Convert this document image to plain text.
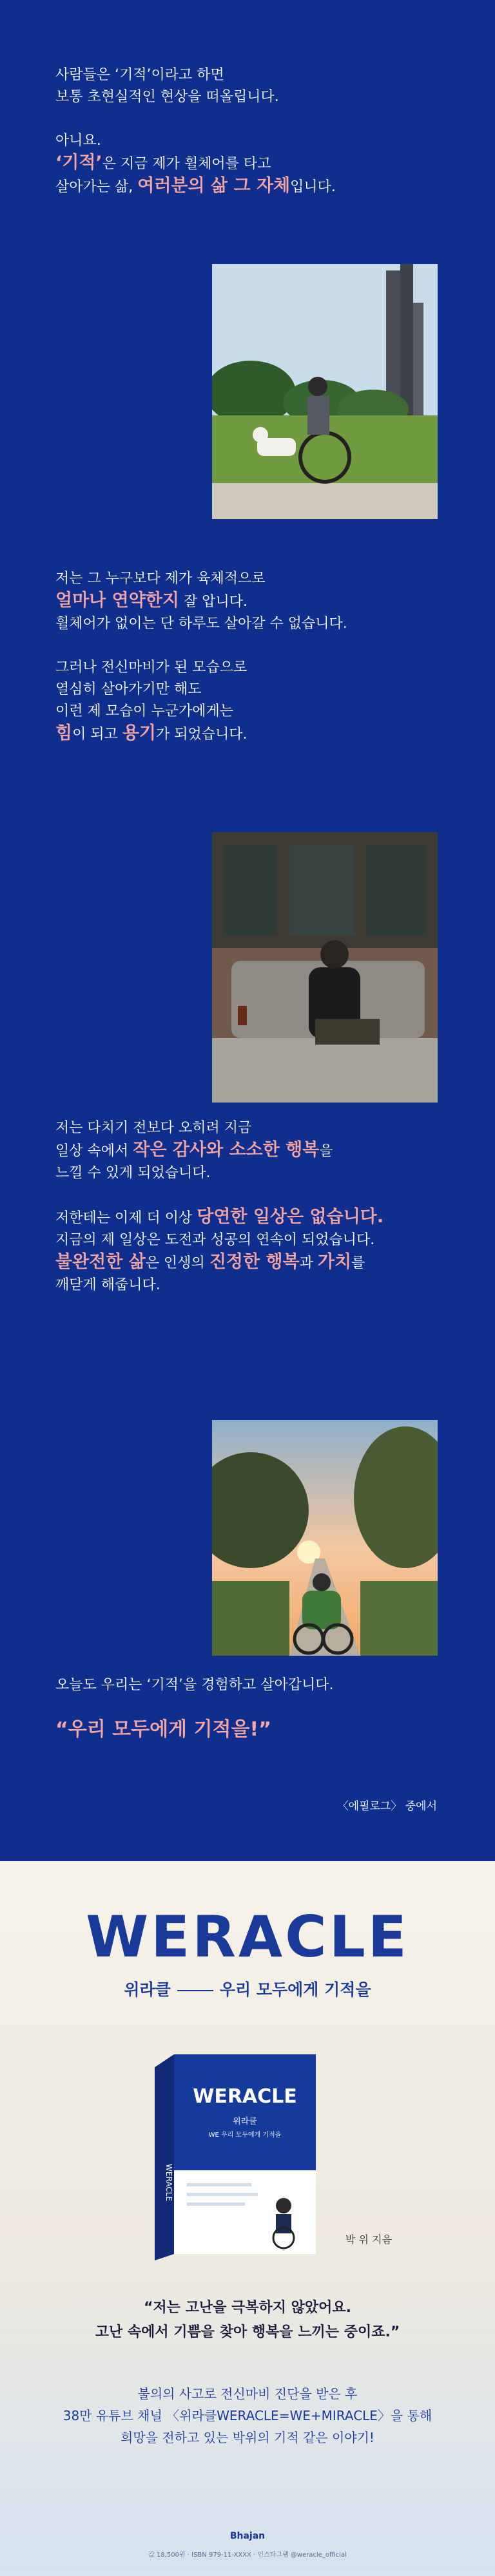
사람들은 ‘기적’이라고 하면
보통 초현실적인 현상을 떠올립니다.
아니요.
‘기적’은 지금 제가 휠체어를 타고
살아가는 삶, 여러분의 삶 그 자체입니다.
저는 그 누구보다 제가 육체적으로
얼마나 연약한지 잘 압니다.
휠체어가 없이는 단 하루도 살아갈 수 없습니다.
그러나 전신마비가 된 모습으로
열심히 살아가기만 해도
이런 제 모습이 누군가에게는
힘이 되고 용기가 되었습니다.
저는 다치기 전보다 오히려 지금
일상 속에서 작은 감사와 소소한 행복을
느낄 수 있게 되었습니다.
저한테는 이제 더 이상 당연한 일상은 없습니다.
지금의 제 일상은 도전과 성공의 연속이 되었습니다.
불완전한 삶은 인생의 진정한 행복과 가치를
깨닫게 해줍니다.
오늘도 우리는 ‘기적’을 경험하고 살아갑니다.
“우리 모두에게 기적을!”
〈에필로그〉 중에서
WERACLE
위라클	우리 모두에게 기적을
WERACLE
위라클
WE 우리 모두에게 기적을
WERACLE
박 위 지음
“저는 고난을 극복하지 않았어요.
고난 속에서 기쁨을 찾아 행복을 느끼는 중이죠.”
불의의 사고로 전신마비 진단을 받은 후
38만 유튜브 채널 〈위라클WERACLE=WE+MIRACLE〉을 통해
희망을 전하고 있는 박위의 기적 같은 이야기!
Bhajan
값 18,500원 · ISBN 979-11-XXXX · 인스타그램 @weracle_official
